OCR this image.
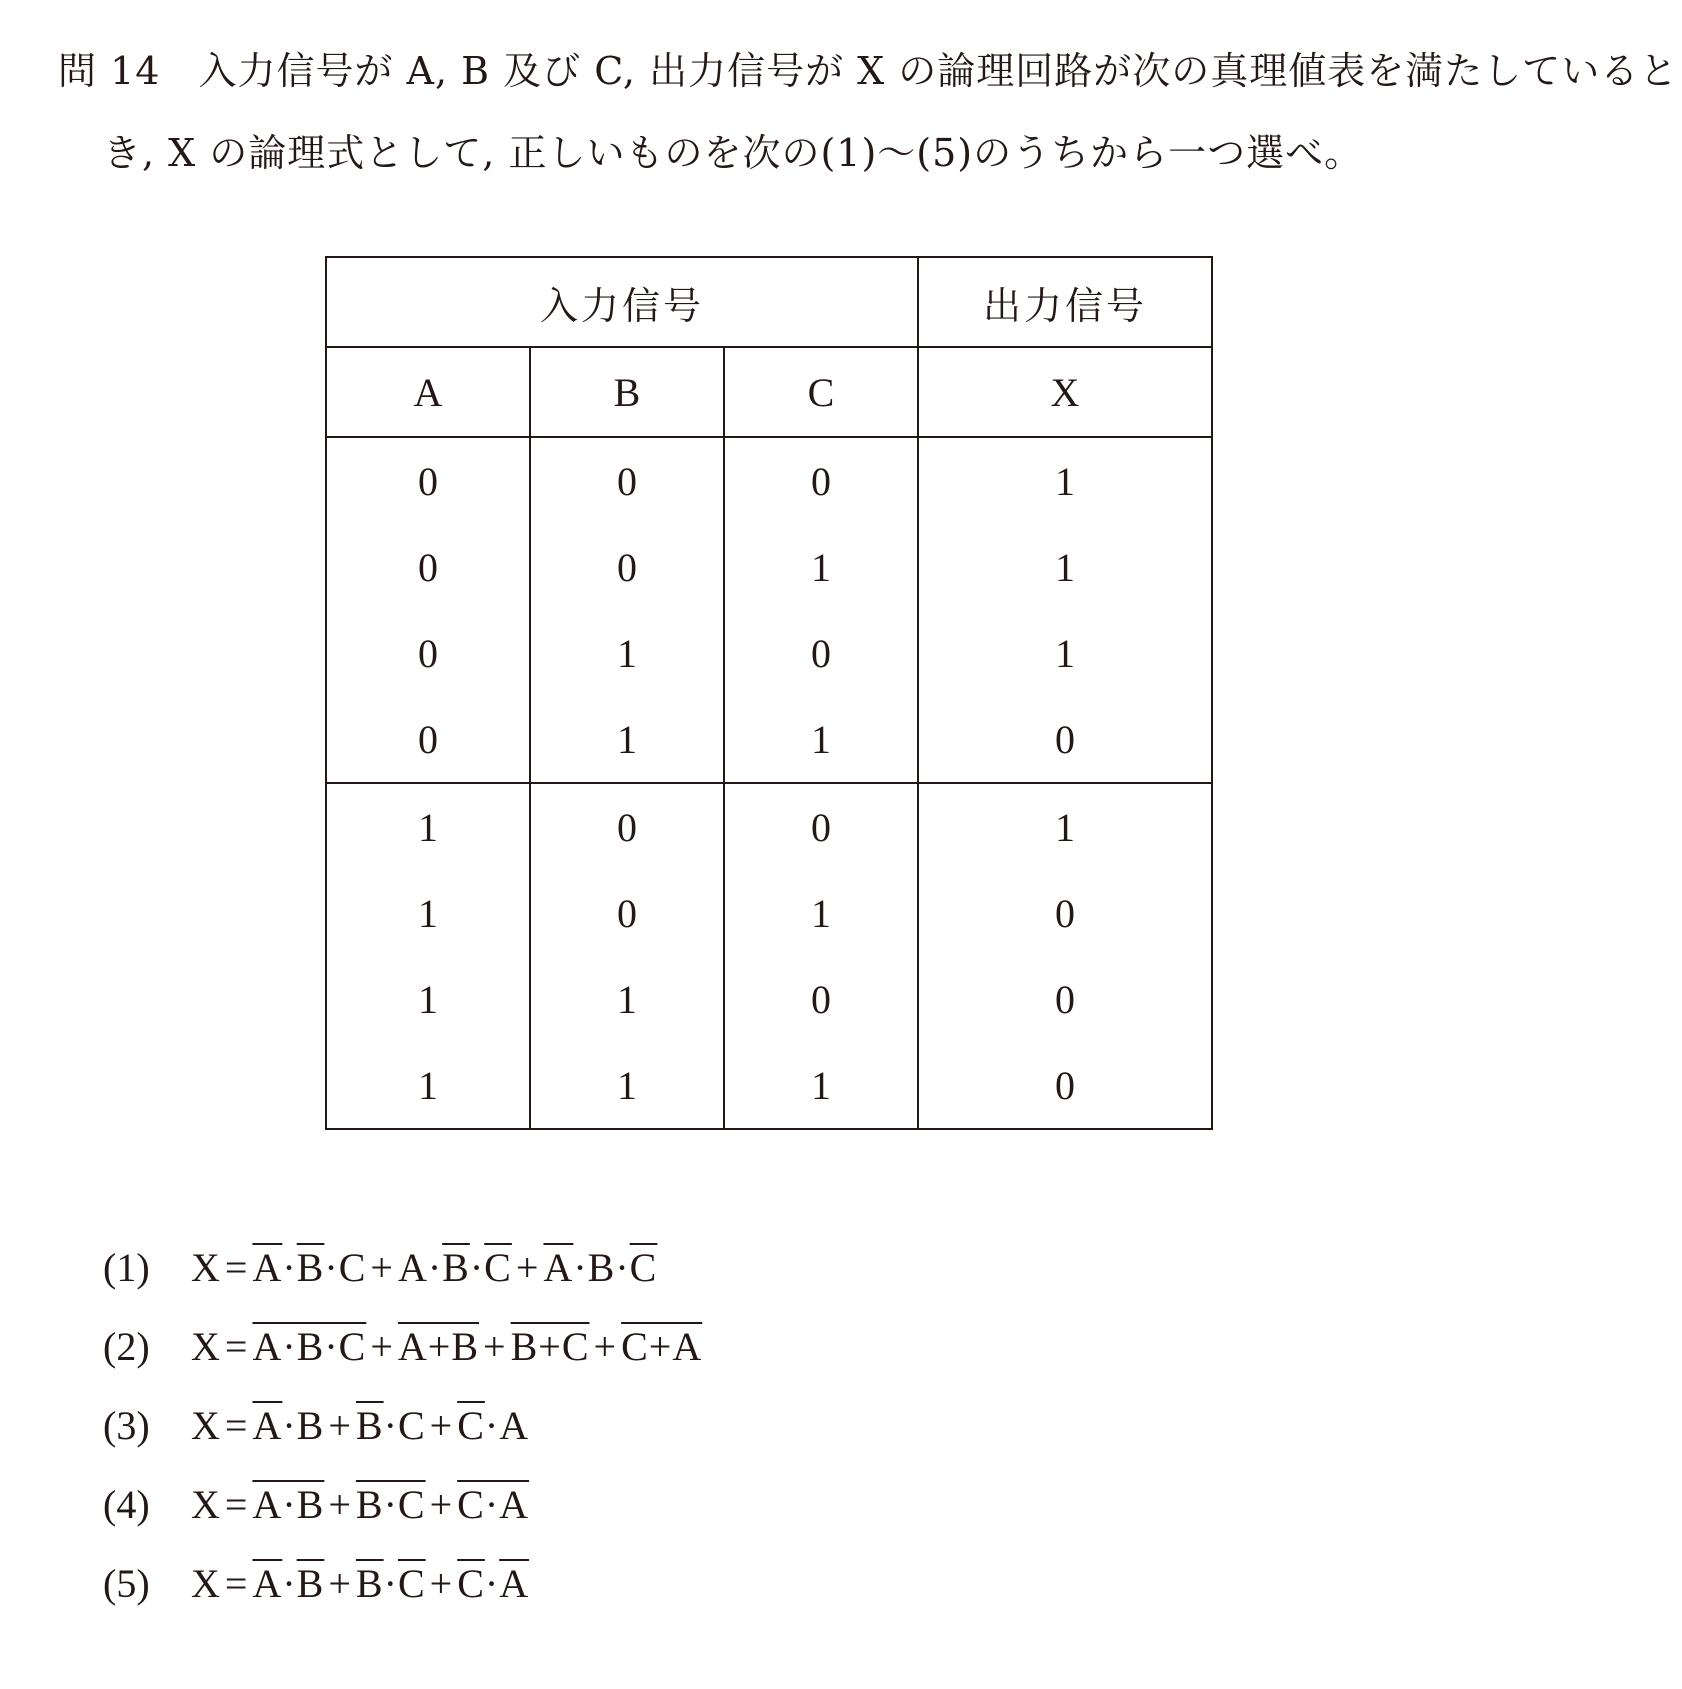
問 14 入力信号が A, B 及び C, 出力信号が X の論理回路が次の真理値表を満たしているとき, X の論理式として, 正しいものを次の(1)〜(5)のうちから一つ選べ。
入力信号			出力信号
A	B	C	X
0	0	0	1
0	0	1	1
0	1	0	1
0	1	1	0
1	0	0	1
1	0	1	0
1	1	0	0
1	1	1	0
(1)	$X = \overline{A}\cdot\overline{B}\cdot C + A\cdot\overline{B}\cdot\overline{C} + \overline{A}\cdot B\cdot\overline{C}$
(2)	X = A·B·C + A+B + B+C + C+A
(3)	$X = \overline{A}\cdot B + \overline{B}\cdot C + \overline{C}\cdot A$
(4)	X = A·B + B·C + C·A
(5)	$X = \overline{A}\cdot\overline{B} + \overline{B}\cdot\overline{C} + \overline{C}\cdot\overline{A}$
